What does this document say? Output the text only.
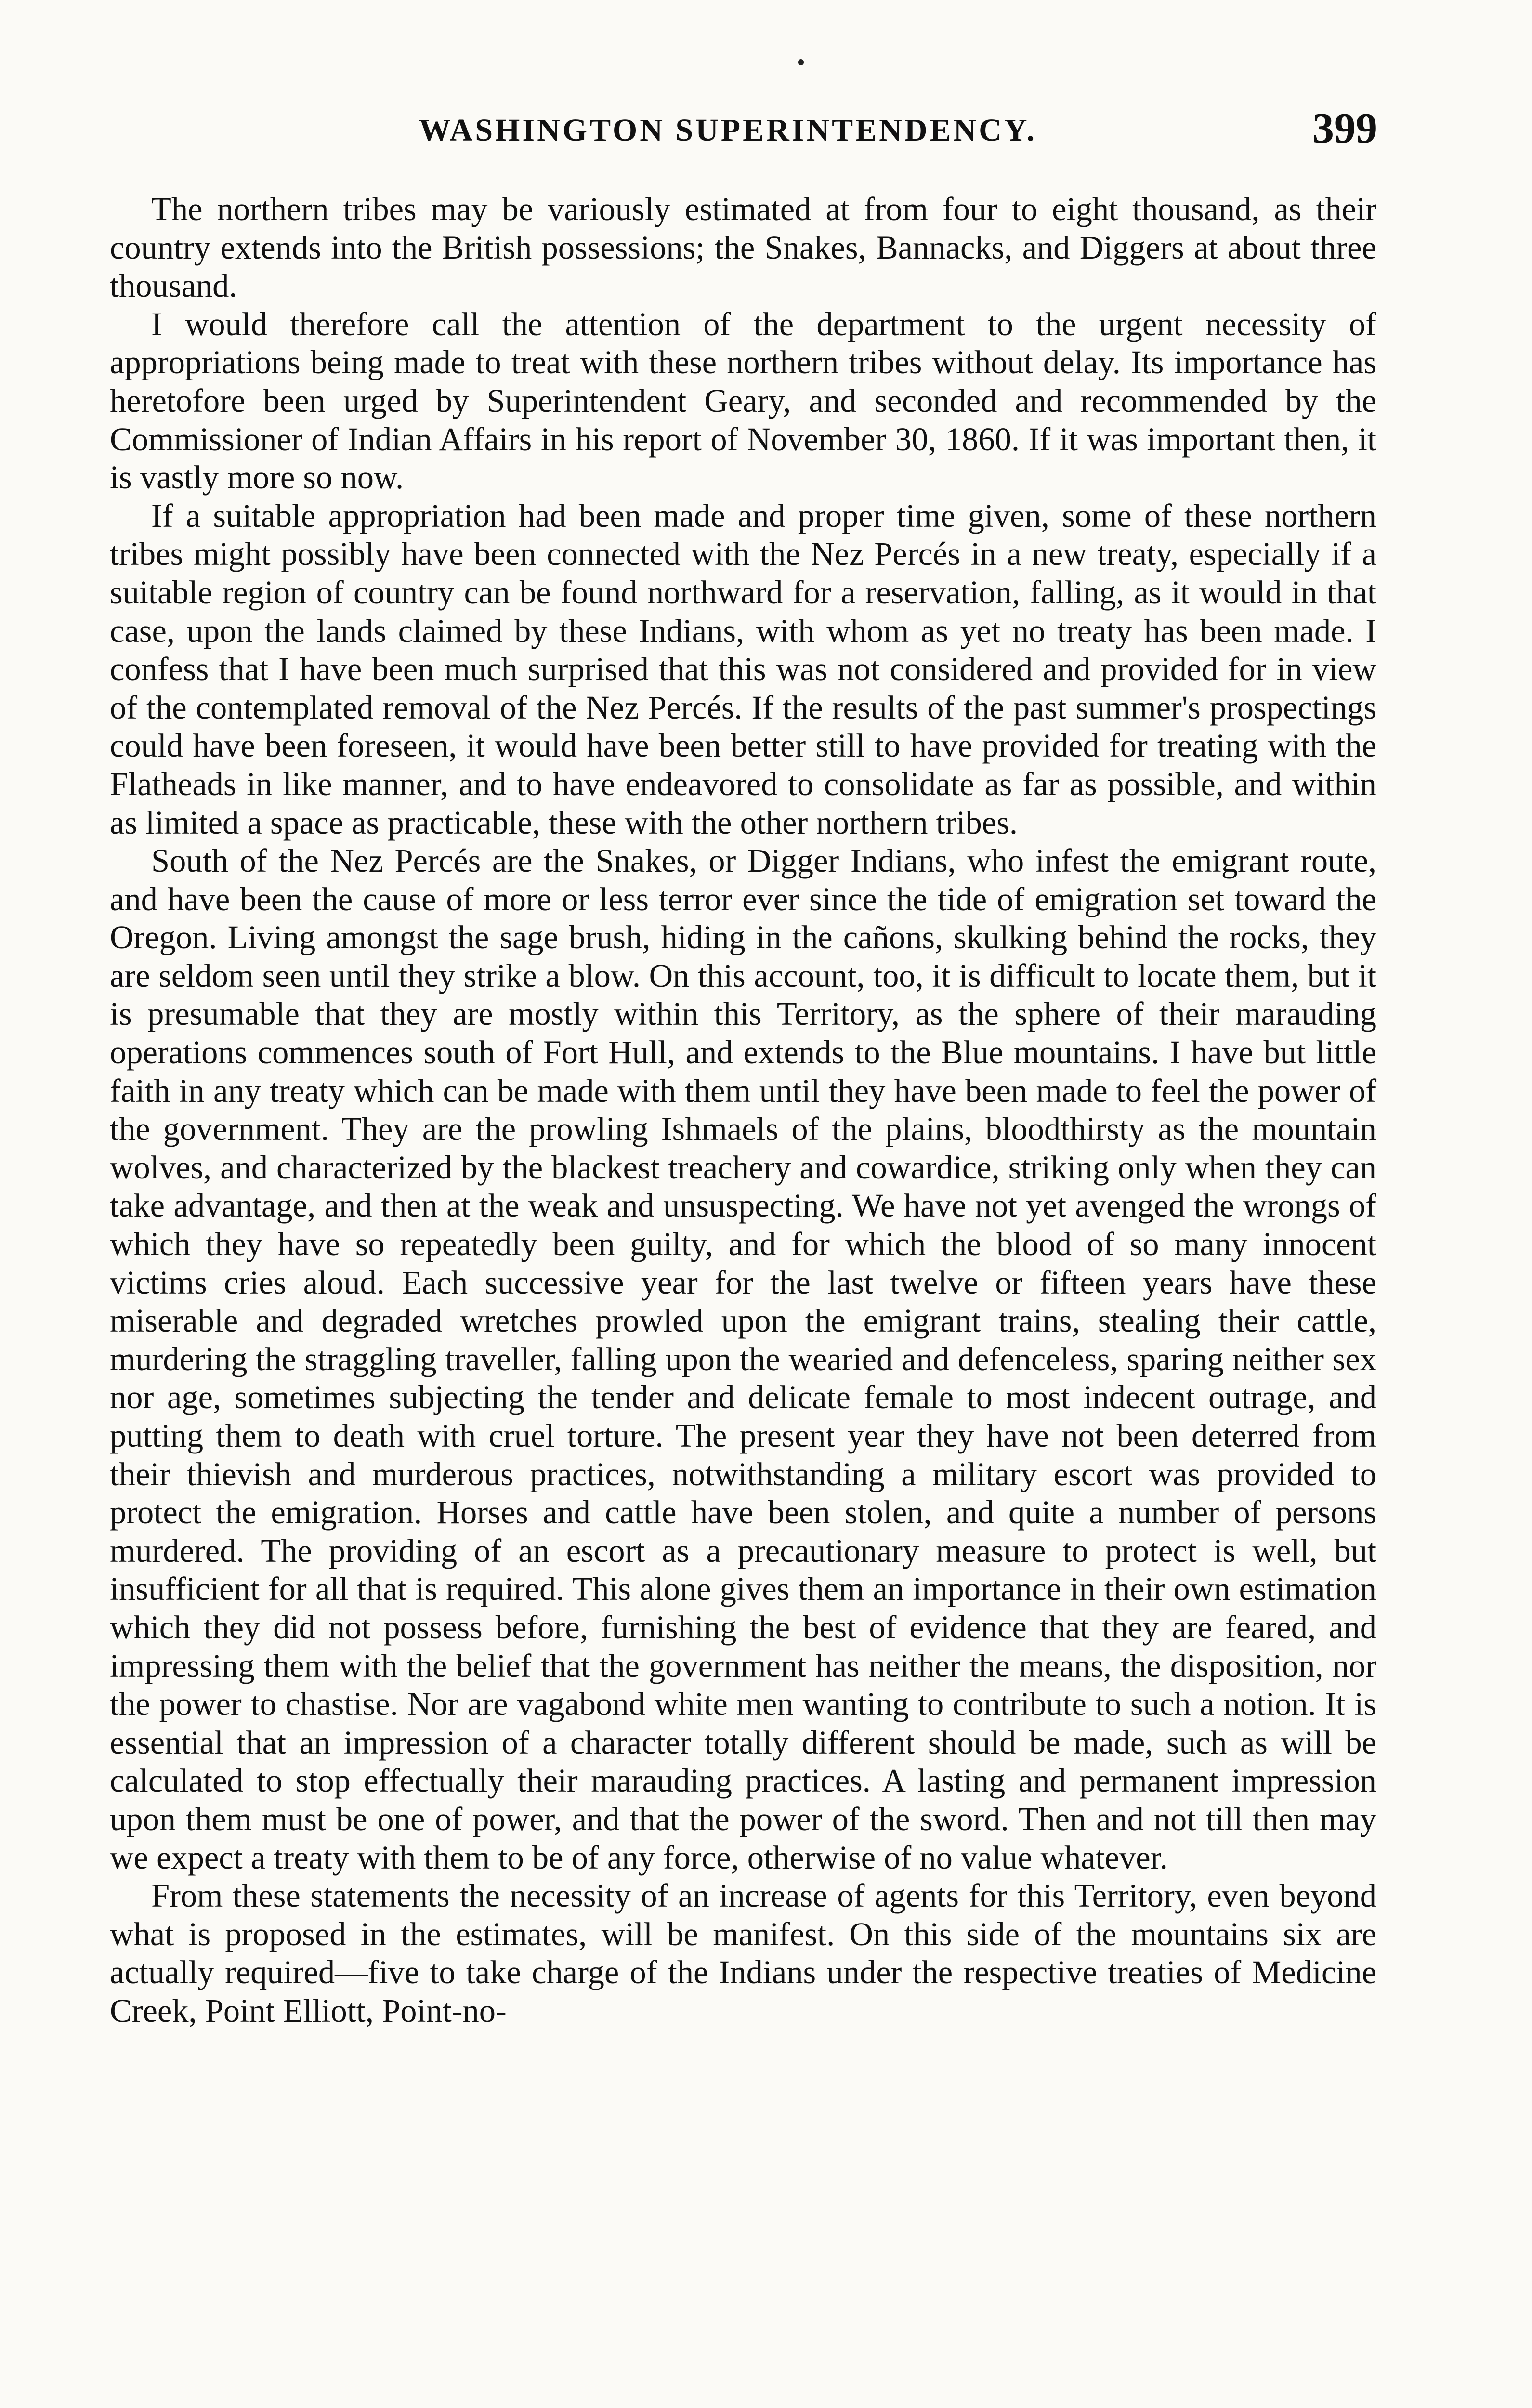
WASHINGTON SUPERINTENDENCY.	399

The northern tribes may be variously estimated at from four to eight thousand, as their country extends into the British possessions; the Snakes, Bannacks, and Diggers at about three thousand.

I would therefore call the attention of the department to the urgent necessity of appropriations being made to treat with these northern tribes without delay. Its importance has heretofore been urged by Superintendent Geary, and seconded and recommended by the Commissioner of Indian Affairs in his report of November 30, 1860. If it was important then, it is vastly more so now.

If a suitable appropriation had been made and proper time given, some of these northern tribes might possibly have been connected with the Nez Percés in a new treaty, especially if a suitable region of country can be found northward for a reservation, falling, as it would in that case, upon the lands claimed by these Indians, with whom as yet no treaty has been made. I confess that I have been much surprised that this was not considered and provided for in view of the contemplated removal of the Nez Percés. If the results of the past summer's prospectings could have been foreseen, it would have been better still to have provided for treating with the Flatheads in like manner, and to have endeavored to consolidate as far as possible, and within as limited a space as practicable, these with the other northern tribes.

South of the Nez Percés are the Snakes, or Digger Indians, who infest the emigrant route, and have been the cause of more or less terror ever since the tide of emigration set toward the Oregon. Living amongst the sage brush, hiding in the cañons, skulking behind the rocks, they are seldom seen until they strike a blow. On this account, too, it is difficult to locate them, but it is presumable that they are mostly within this Territory, as the sphere of their marauding operations commences south of Fort Hull, and extends to the Blue mountains. I have but little faith in any treaty which can be made with them until they have been made to feel the power of the government. They are the prowling Ishmaels of the plains, bloodthirsty as the mountain wolves, and characterized by the blackest treachery and cowardice, striking only when they can take advantage, and then at the weak and unsuspecting. We have not yet avenged the wrongs of which they have so repeatedly been guilty, and for which the blood of so many innocent victims cries aloud. Each successive year for the last twelve or fifteen years have these miserable and degraded wretches prowled upon the emigrant trains, stealing their cattle, murdering the straggling traveller, falling upon the wearied and defenceless, sparing neither sex nor age, sometimes subjecting the tender and delicate female to most indecent outrage, and putting them to death with cruel torture. The present year they have not been deterred from their thievish and murderous practices, notwithstanding a military escort was provided to protect the emigration. Horses and cattle have been stolen, and quite a number of persons murdered. The providing of an escort as a precautionary measure to protect is well, but insufficient for all that is required. This alone gives them an importance in their own estimation which they did not possess before, furnishing the best of evidence that they are feared, and impressing them with the belief that the government has neither the means, the disposition, nor the power to chastise. Nor are vagabond white men wanting to contribute to such a notion. It is essential that an impression of a character totally different should be made, such as will be calculated to stop effectually their marauding practices. A lasting and permanent impression upon them must be one of power, and that the power of the sword. Then and not till then may we expect a treaty with them to be of any force, otherwise of no value whatever.

From these statements the necessity of an increase of agents for this Territory, even beyond what is proposed in the estimates, will be manifest. On this side of the mountains six are actually required—five to take charge of the Indians under the respective treaties of Medicine Creek, Point Elliott, Point-no-
